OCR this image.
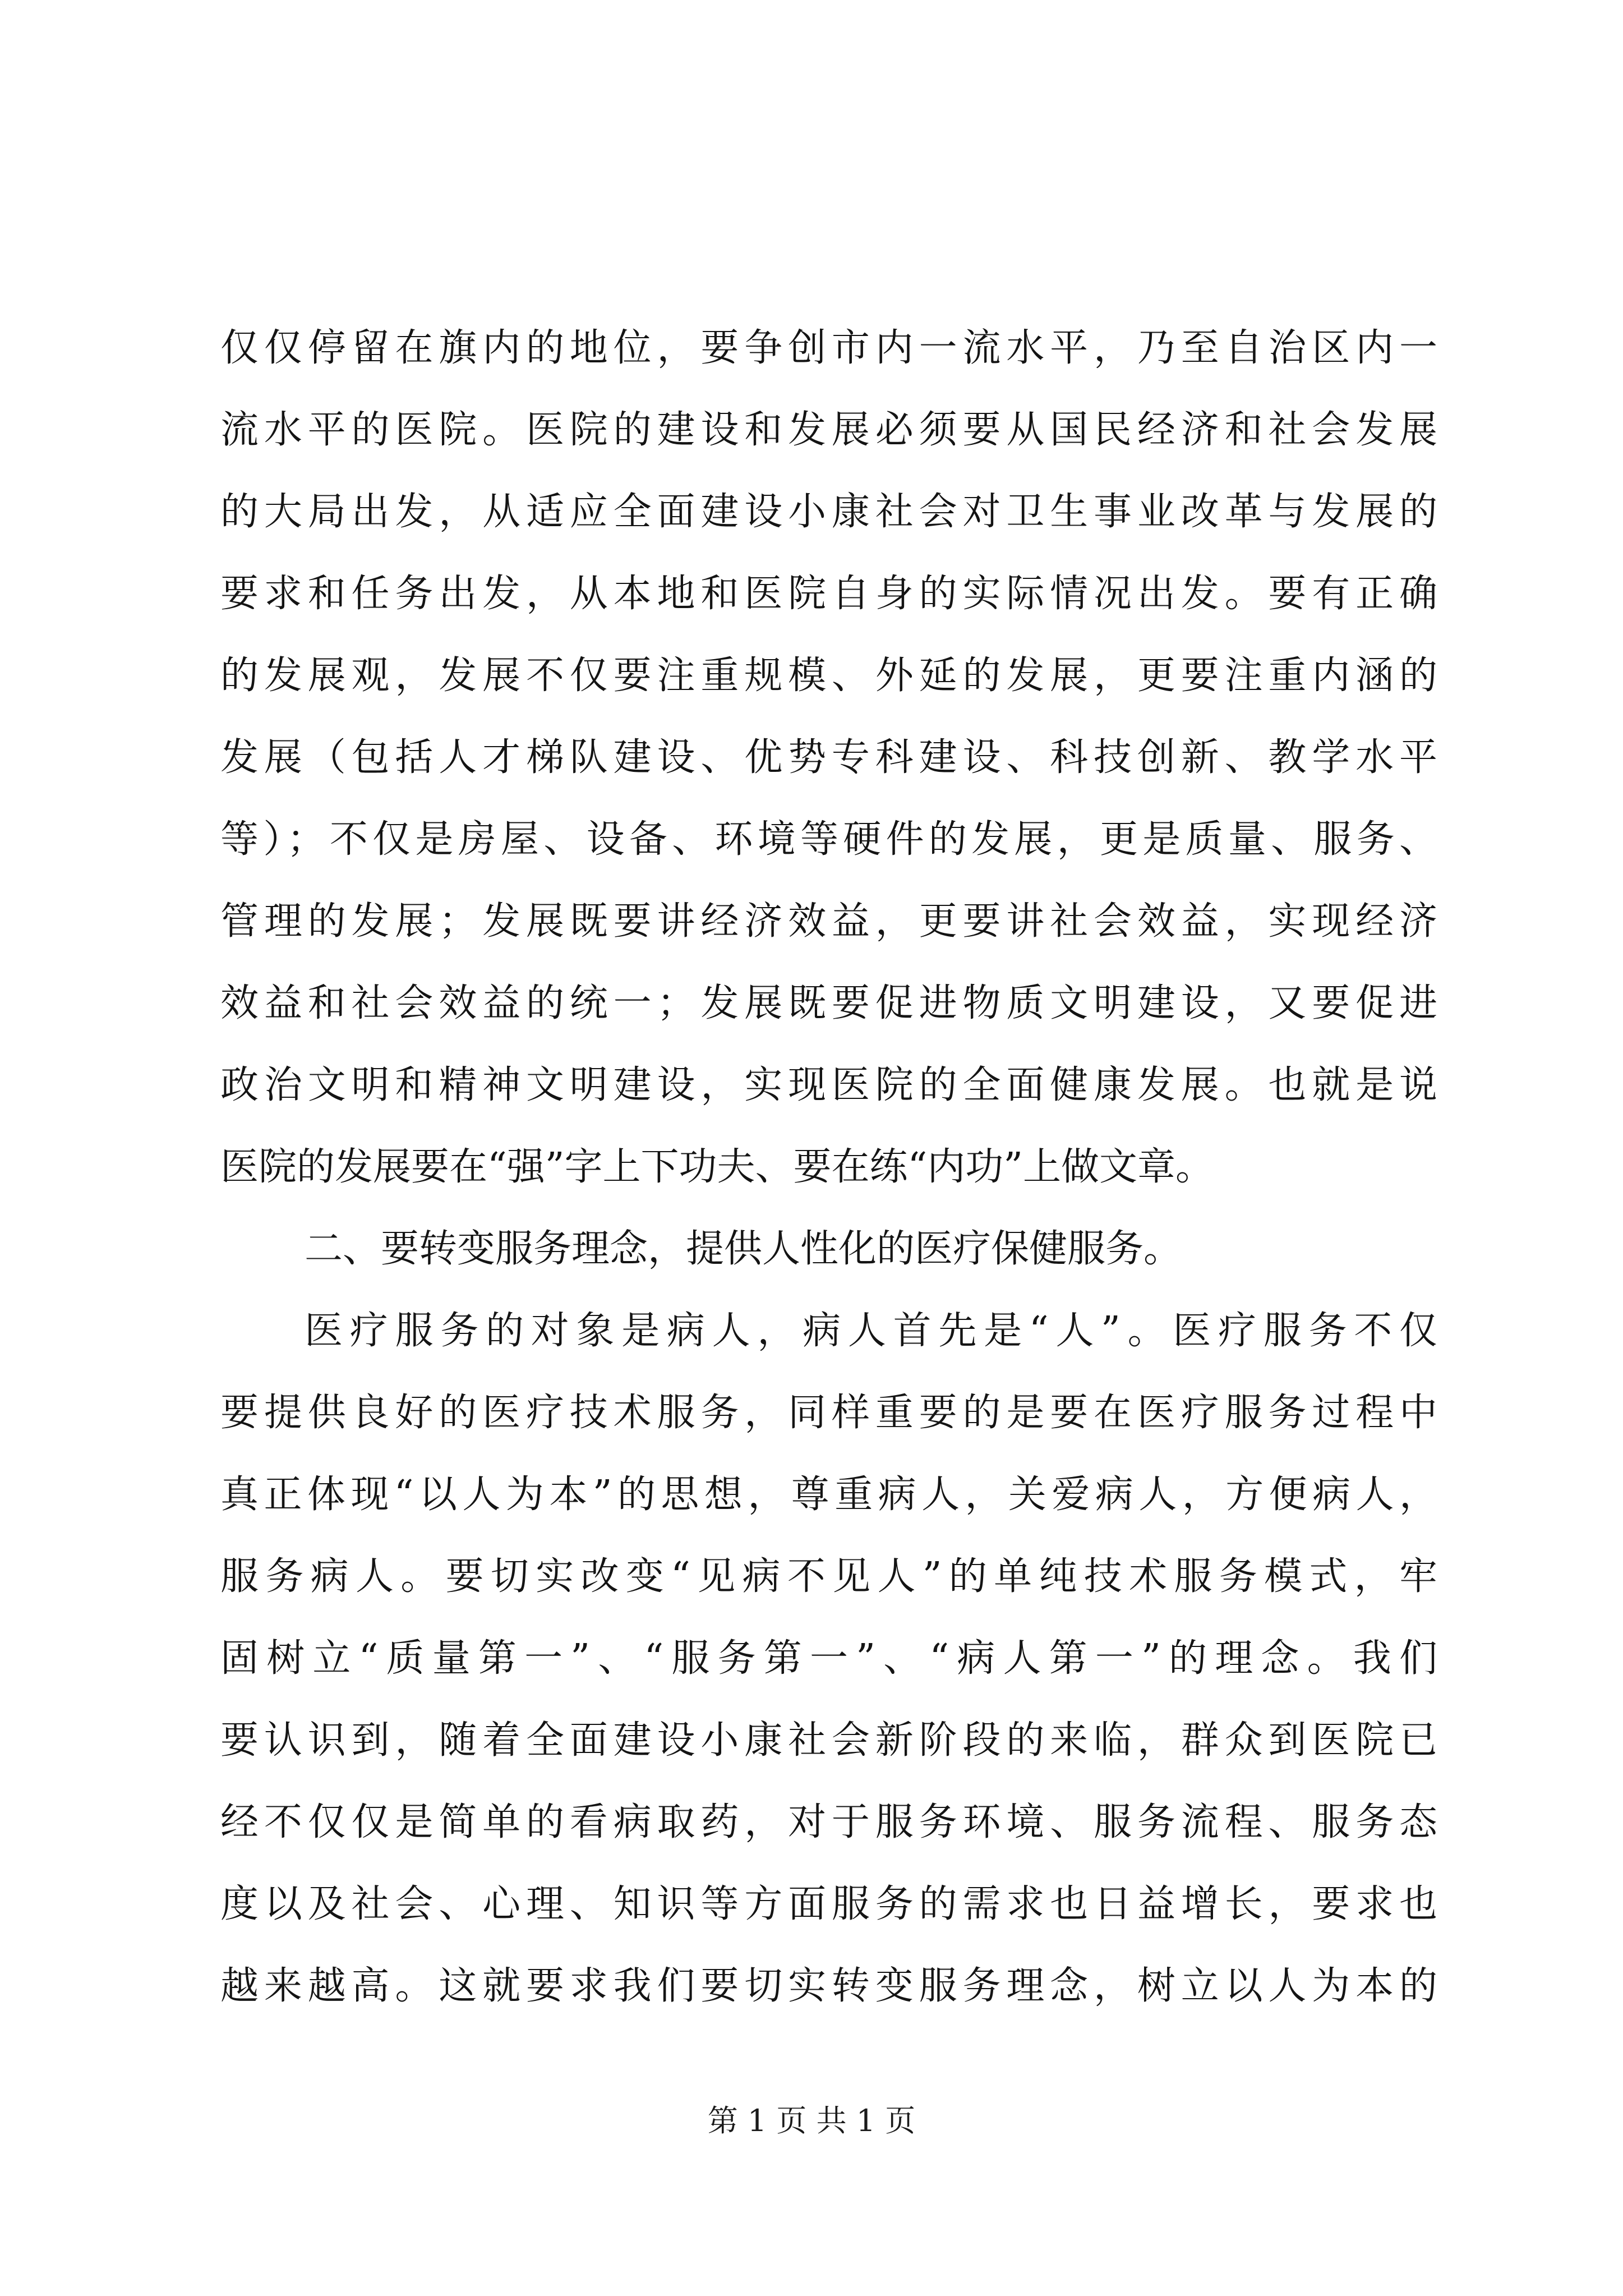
仅仅停留在旗内的地位，要争创市内一流水平，乃至自治区内一
流水平的医院。医院的建设和发展必须要从国民经济和社会发展
的大局出发，从适应全面建设小康社会对卫生事业改革与发展的
要求和任务出发，从本地和医院自身的实际情况出发。要有正确
的发展观，发展不仅要注重规模、外延的发展，更要注重内涵的
发展（包括人才梯队建设、优势专科建设、科技创新、教学水平
等）；不仅是房屋、设备、环境等硬件的发展，更是质量、服务、
管理的发展；发展既要讲经济效益，更要讲社会效益，实现经济
效益和社会效益的统一；发展既要促进物质文明建设，又要促进
政治文明和精神文明建设，实现医院的全面健康发展。也就是说
医院的发展要在“强”字上下功夫、要在练“内功”上做文章。
二、要转变服务理念，提供人性化的医疗保健服务。
医疗服务的对象是病人，病人首先是“人”。医疗服务不仅
要提供良好的医疗技术服务，同样重要的是要在医疗服务过程中
真正体现“以人为本”的思想，尊重病人，关爱病人，方便病人，
服务病人。要切实改变“见病不见人”的单纯技术服务模式，牢
固树立“质量第一”、“服务第一”、“病人第一”的理念。我们
要认识到，随着全面建设小康社会新阶段的来临，群众到医院已
经不仅仅是简单的看病取药，对于服务环境、服务流程、服务态
度以及社会、心理、知识等方面服务的需求也日益增长，要求也
越来越高。这就要求我们要切实转变服务理念，树立以人为本的
第 1 页 共 1 页
